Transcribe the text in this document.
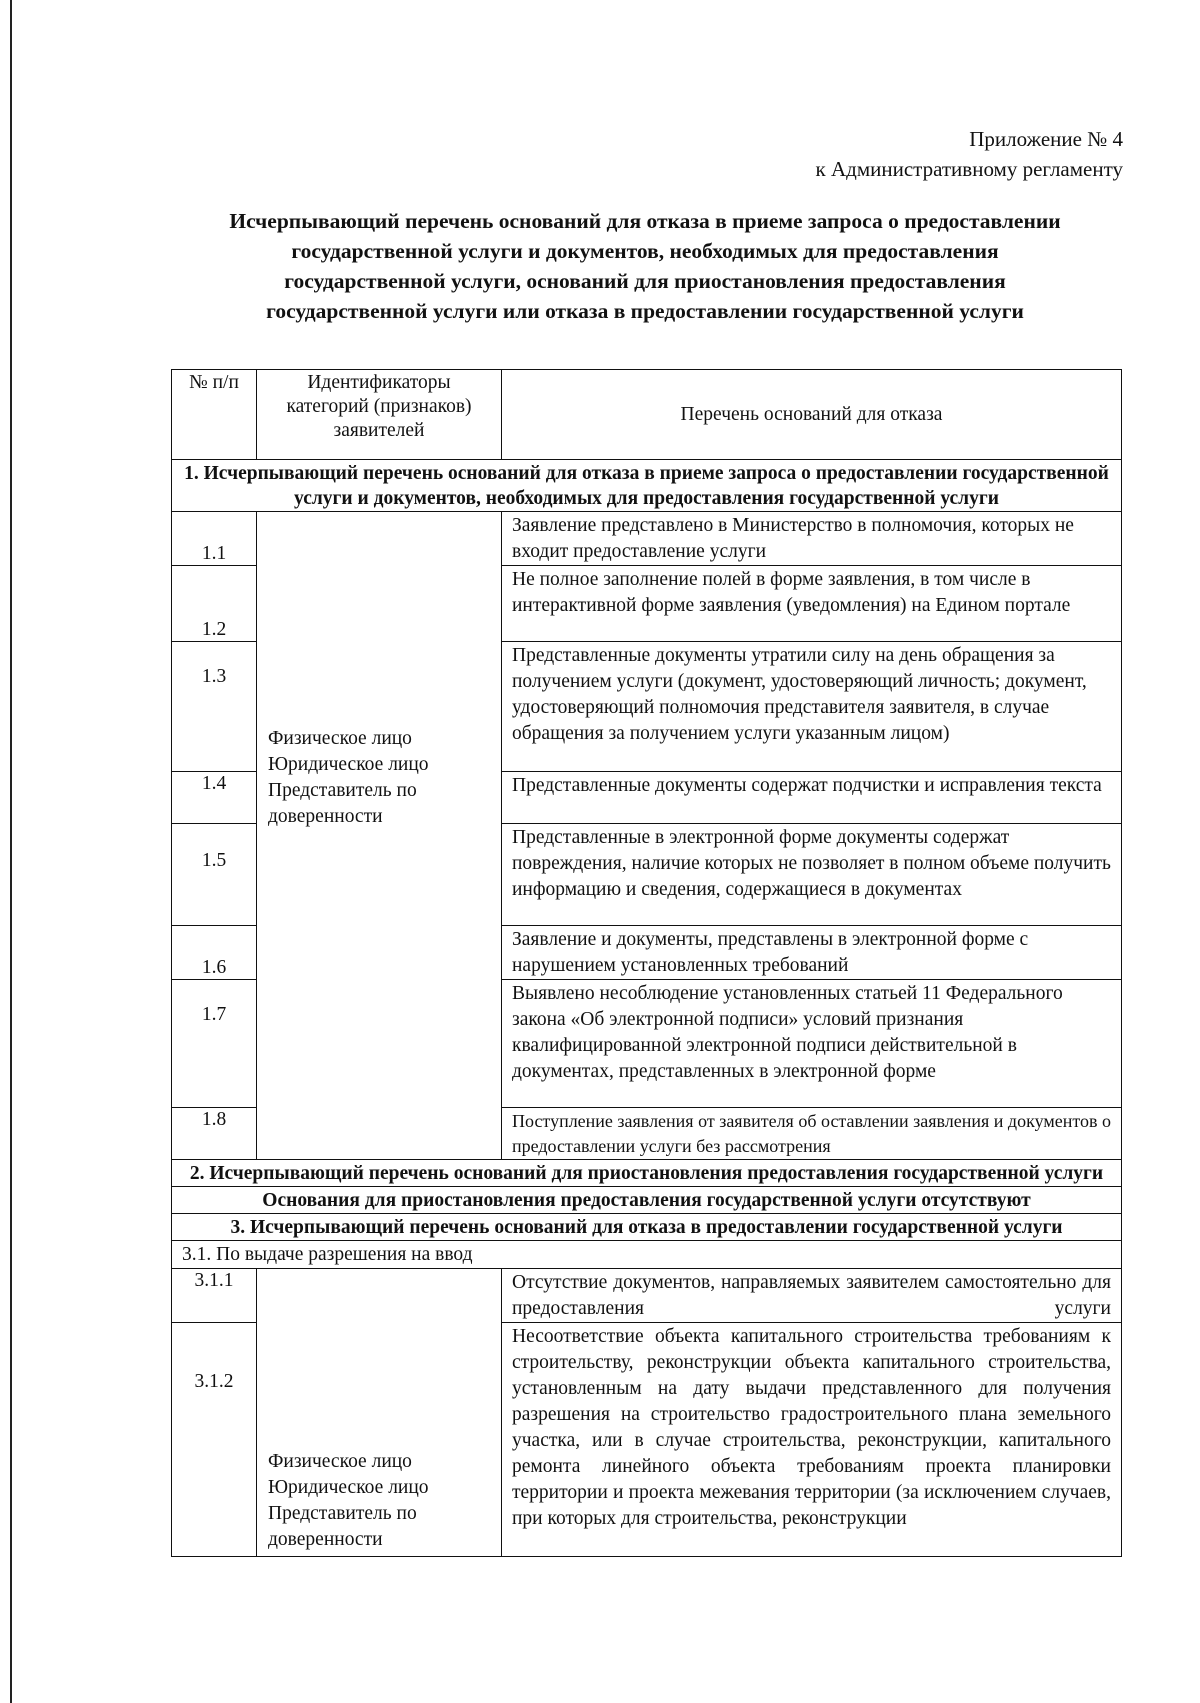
Приложение № 4
к Административному регламенту
Исчерпывающий перечень оснований для отказа в приеме запроса о предоставлении
государственной услуги и документов, необходимых для предоставления
государственной услуги, оснований для приостановления предоставления
государственной услуги или отказа в предоставлении государственной услуги
№ п/п	Идентификаторы категорий (признаков) заявителей	Перечень оснований для отказа
1. Исчерпывающий перечень оснований для отказа в приеме запроса о предоставлении государственной услуги и документов, необходимых для предоставления государственной услуги		
1.1	Физическое лицо Юридическое лицо Представитель по доверенности	Заявление представлено в Министерство в полномочия, которых не входит предоставление услуги
1.2		Не полное заполнение полей в форме заявления, в том числе в интерактивной форме заявления (уведомления) на Едином портале
1.3		Представленные документы утратили силу на день обращения за получением услуги (документ, удостоверяющий личность; документ, удостоверяющий полномочия представителя заявителя, в случае обращения за получением услуги указанным лицом)
1.4		Представленные документы содержат подчистки и исправления текста
1.5		Представленные в электронной форме документы содержат повреждения, наличие которых не позволяет в полном объеме получить информацию и сведения, содержащиеся в документах
1.6		Заявление и документы, представлены в электронной форме с нарушением установленных требований
1.7		Выявлено несоблюдение установленных статьей 11 Федерального закона «Об электронной подписи» условий признания квалифицированной электронной подписи действительной в документах, представленных в электронной форме
1.8		Поступление заявления от заявителя об оставлении заявления и документов о предоставлении услуги без рассмотрения
2. Исчерпывающий перечень оснований для приостановления предоставления государственной услуги		
Основания для приостановления предоставления государственной услуги отсутствуют		
3. Исчерпывающий перечень оснований для отказа в предоставлении государственной услуги		
3.1. По выдаче разрешения на ввод		
3.1.1	Физическое лицо Юридическое лицо Представитель по доверенности	Отсутствие документов, направляемых заявителем самостоятельно для предоставления услуги
3.1.2		Несоответствие объекта капитального строительства требованиям к строительству, реконструкции объекта капитального строительства, установленным на дату выдачи представленного для получения разрешения на строительство градостроительного плана земельного участка, или в случае строительства, реконструкции, капитального ремонта линейного объекта требованиям проекта планировки территории и проекта межевания территории (за исключением случаев, при которых для строительства, реконструкции
